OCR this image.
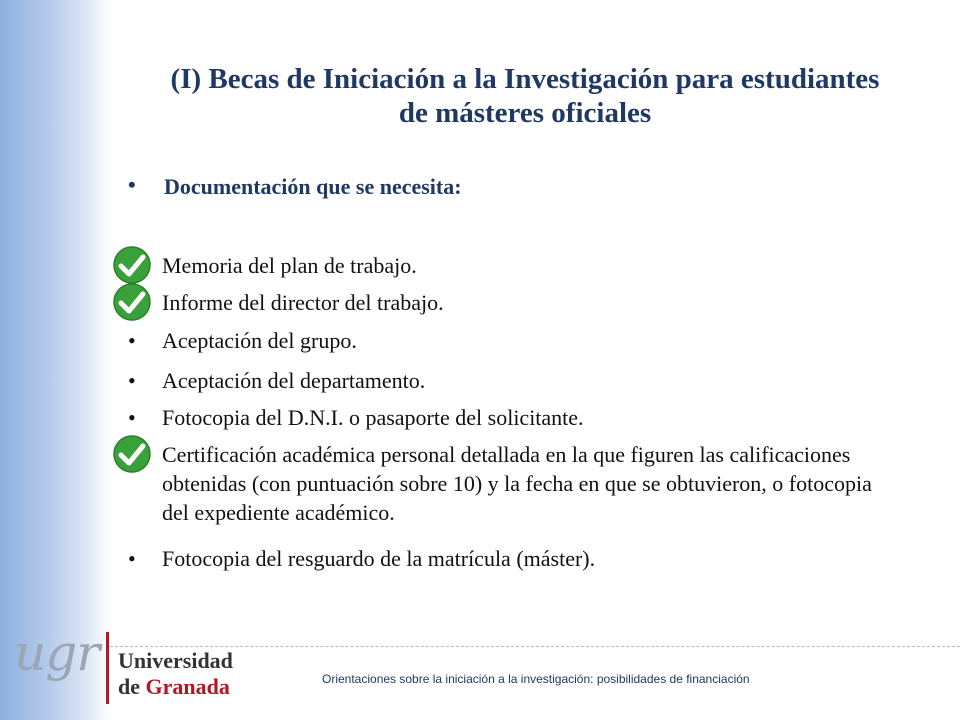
(I) Becas de Iniciación a la Investigación para estudiantes
de másteres oficiales
• Documentación que se necesita:
Memoria del plan de trabajo.
Informe del director del trabajo.
• Aceptación del grupo.
• Aceptación del departamento.
• Fotocopia del D.N.I. o pasaporte del solicitante.
Certificación académica personal detallada en la que figuren las calificaciones obtenidas (con puntuación sobre 10) y la fecha en que se obtuvieron, o fotocopia del expediente académico.
• Fotocopia del resguardo de la matrícula (máster).
ugr Universidad
de Granada	Orientaciones sobre la iniciación a la investigación: posibilidades de financiación
